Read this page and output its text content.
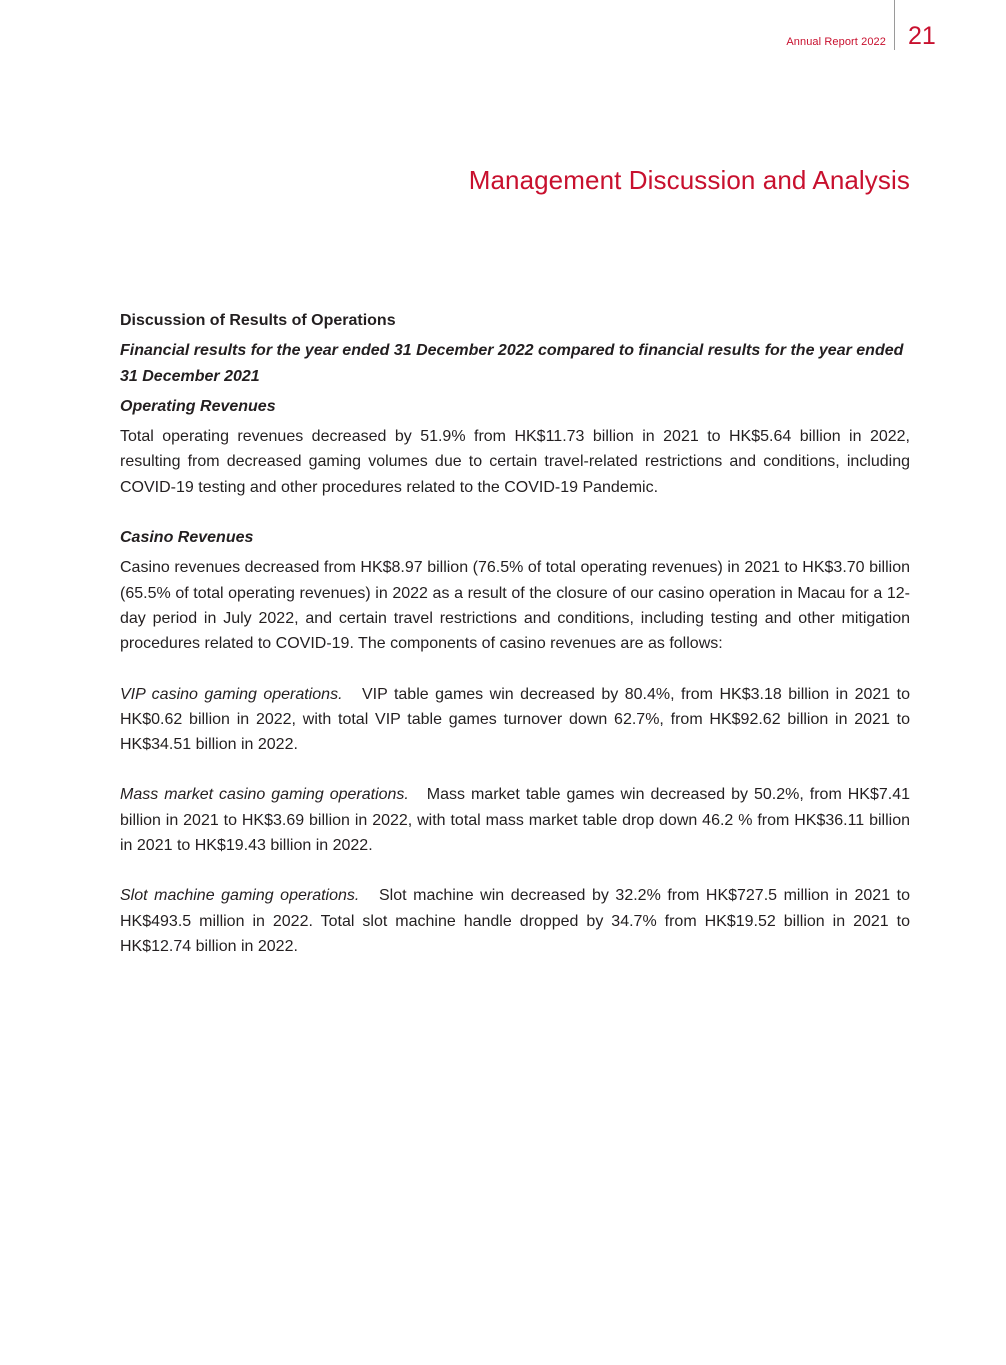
Annual Report 2022 21
Management Discussion and Analysis

Discussion of Results of Operations

Financial results for the year ended 31 December 2022 compared to financial results for the year ended 31 December 2021

Operating Revenues

Total operating revenues decreased by 51.9% from HK$11.73 billion in 2021 to HK$5.64 billion in 2022, resulting from decreased gaming volumes due to certain travel-related restrictions and conditions, including COVID-19 testing and other procedures related to the COVID-19 Pandemic.

Casino Revenues

Casino revenues decreased from HK$8.97 billion (76.5% of total operating revenues) in 2021 to HK$3.70 billion (65.5% of total operating revenues) in 2022 as a result of the closure of our casino operation in Macau for a 12-day period in July 2022, and certain travel restrictions and conditions, including testing and other mitigation procedures related to COVID-19. The components of casino revenues are as follows:

VIP casino gaming operations. VIP table games win decreased by 80.4%, from HK$3.18 billion in 2021 to HK$0.62 billion in 2022, with total VIP table games turnover down 62.7%, from HK$92.62 billion in 2021 to HK$34.51 billion in 2022.

Mass market casino gaming operations. Mass market table games win decreased by 50.2%, from HK$7.41 billion in 2021 to HK$3.69 billion in 2022, with total mass market table drop down 46.2 % from HK$36.11 billion in 2021 to HK$19.43 billion in 2022.

Slot machine gaming operations. Slot machine win decreased by 32.2% from HK$727.5 million in 2021 to HK$493.5 million in 2022. Total slot machine handle dropped by 34.7% from HK$19.52 billion in 2021 to HK$12.74 billion in 2022.
